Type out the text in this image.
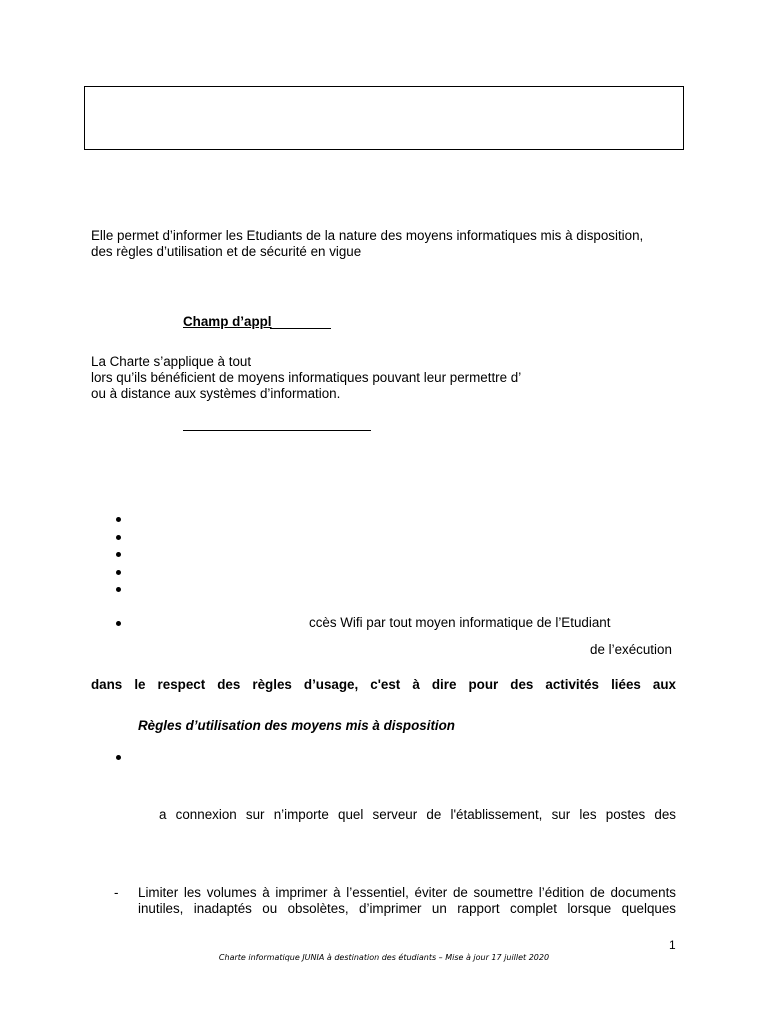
Elle permet d’informer les Etudiants de la nature des moyens informatiques mis à disposition,
des règles d’utilisation et de sécurité en vigue
Champ d’appl
La Charte s’applique à tout
lors qu’ils bénéficient de moyens informatiques pouvant leur permettre d’
ou à distance aux systèmes d’information.
ccès Wifi par tout moyen informatique de l’Etudiant
de l’exécution
dans le respect des règles d’usage, c'est à dire pour des activités liées aux
Règles d’utilisation des moyens mis à disposition
a connexion sur n’importe quel serveur de l'établissement, sur les postes des
- Limiter les volumes à imprimer à l’essentiel, éviter de soumettre l’édition de documents
inutiles, inadaptés ou obsolètes, d’imprimer un rapport complet lorsque quelques
1
Charte informatique JUNIA à destination des étudiants – Mise à jour 17 juillet 2020
